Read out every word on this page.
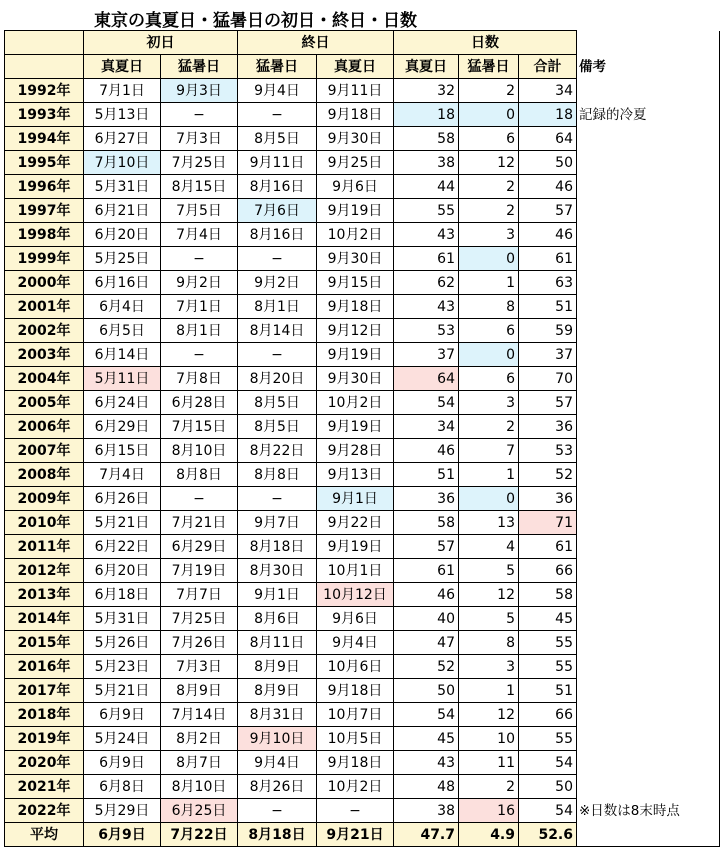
東京の真夏日・猛暑日の初日・終日・日数
	初日		終日		日数			
	真夏日	猛暑日	猛暑日	真夏日	真夏日	猛暑日	合計	備考
1992年	7月1日	9月3日	9月4日	9月11日	32	2	34	
1993年	5月13日	−	−	9月18日	18	0	18	記録的冷夏
1994年	6月27日	7月3日	8月5日	9月30日	58	6	64	
1995年	7月10日	7月25日	9月11日	9月25日	38	12	50	
1996年	5月31日	8月15日	8月16日	9月6日	44	2	46	
1997年	6月21日	7月5日	7月6日	9月19日	55	2	57	
1998年	6月20日	7月4日	8月16日	10月2日	43	3	46	
1999年	5月25日	−	−	9月30日	61	0	61	
2000年	6月16日	9月2日	9月2日	9月15日	62	1	63	
2001年	6月4日	7月1日	8月1日	9月18日	43	8	51	
2002年	6月5日	8月1日	8月14日	9月12日	53	6	59	
2003年	6月14日	−	−	9月19日	37	0	37	
2004年	5月11日	7月8日	8月20日	9月30日	64	6	70	
2005年	6月24日	6月28日	8月5日	10月2日	54	3	57	
2006年	6月29日	7月15日	8月5日	9月19日	34	2	36	
2007年	6月15日	8月10日	8月22日	9月28日	46	7	53	
2008年	7月4日	8月8日	8月8日	9月13日	51	1	52	
2009年	6月26日	−	−	9月1日	36	0	36	
2010年	5月21日	7月21日	9月7日	9月22日	58	13	71	
2011年	6月22日	6月29日	8月18日	9月19日	57	4	61	
2012年	6月20日	7月19日	8月30日	10月1日	61	5	66	
2013年	6月18日	7月7日	9月1日	10月12日	46	12	58	
2014年	5月31日	7月25日	8月6日	9月6日	40	5	45	
2015年	5月26日	7月26日	8月11日	9月4日	47	8	55	
2016年	5月23日	7月3日	8月9日	10月6日	52	3	55	
2017年	5月21日	8月9日	8月9日	9月18日	50	1	51	
2018年	6月9日	7月14日	8月31日	10月7日	54	12	66	
2019年	5月24日	8月2日	9月10日	10月5日	45	10	55	
2020年	6月9日	8月7日	9月4日	9月18日	43	11	54	
2021年	6月8日	8月10日	8月26日	10月2日	48	2	50	
2022年	5月29日	6月25日	−	−	38	16	54	※日数は8末時点
平均	6月9日	7月22日	8月18日	9月21日	47.7	4.9	52.6	
